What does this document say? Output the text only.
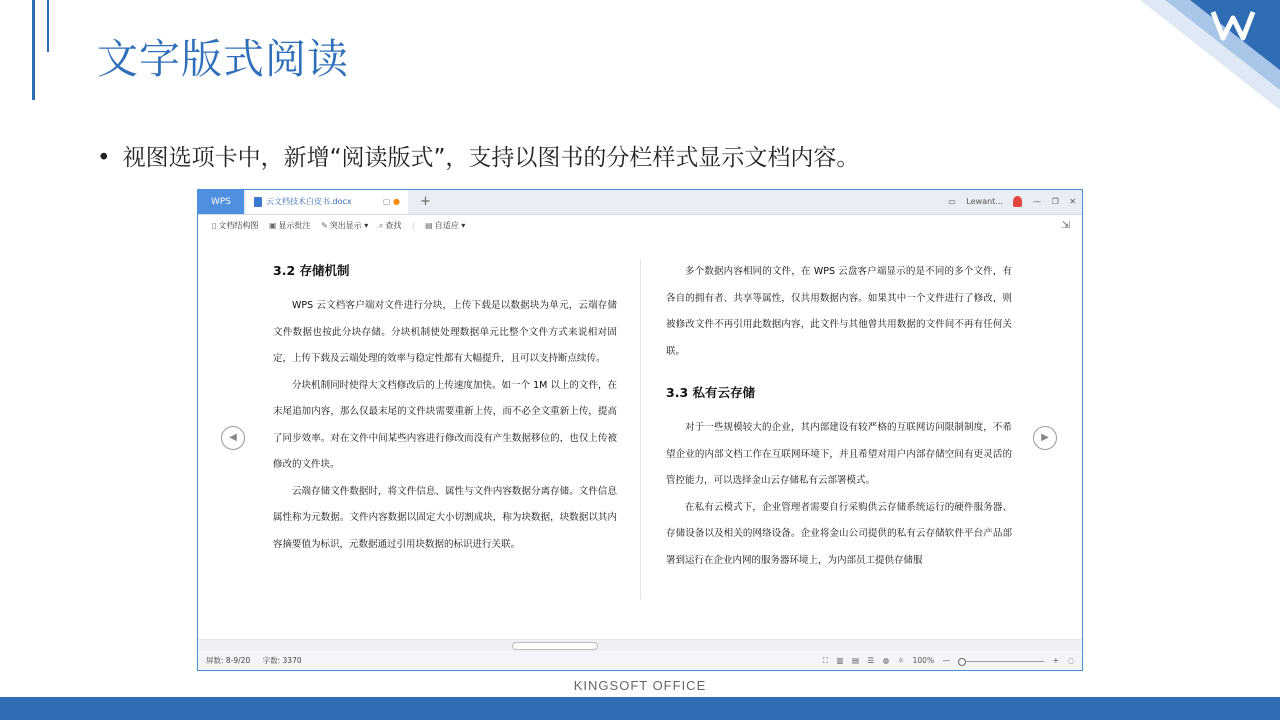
文字版式阅读
• 视图选项卡中，新增“阅读版式”，支持以图书的分栏样式显示文档内容。
WPS	云文档技术白皮书.docx	▢ ● +	▭ Lewant...	— ❐ ✕
▯ 文档结构图 ▣ 显示批注 ✎ 突出显示 ▾ ⌕ 查找 | ▤ 自适应 ▾	⇲
3.2 存储机制

WPS 云文档客户端对文件进行分块，上传下载是以数据块为单元，云端存储文件数据也按此分块存储。分块机制使处理数据单元比整个文件方式来说相对固定，上传下载及云端处理的效率与稳定性都有大幅提升，且可以支持断点续传。

分块机制同时使得大文档修改后的上传速度加快。如一个 1M 以上的文件，在末尾追加内容，那么仅最末尾的文件块需要重新上传，而不必全文重新上传，提高了同步效率。对在文件中间某些内容进行修改而没有产生数据移位的，也仅上传被修改的文件块。

云端存储文件数据时，将文件信息、属性与文件内容数据分离存储。文件信息属性称为元数据。文件内容数据以固定大小切割成块，称为块数据，块数据以其内容摘要值为标识，元数据通过引用块数据的标识进行关联。

多个数据内容相同的文件，在 WPS 云盘客户端显示的是不同的多个文件，有各自的拥有者、共享等属性，仅共用数据内容。如果其中一个文件进行了修改，则被修改文件不再引用此数据内容，此文件与其他曾共用数据的文件间不再有任何关联。

3.3 私有云存储

对于一些规模较大的企业，其内部建设有较严格的互联网访问限制制度，不希望企业的内部文档工作在互联网环境下，并且希望对用户内部存储空间有更灵活的管控能力，可以选择金山云存储私有云部署模式。

在私有云模式下，企业管理者需要自行采购供云存储系统运行的硬件服务器、存储设备以及相关的网络设备。企业将金山公司提供的私有云存储软件平台产品部署到运行在企业内网的服务器环境上，为内部员工提供存储服

◀	▶
屏数: 8-9/20 字数: 3370	⛶ ▥ ▤ ☰ ◍ ☼ 100% —	+ ◌
KINGSOFT OFFICE
